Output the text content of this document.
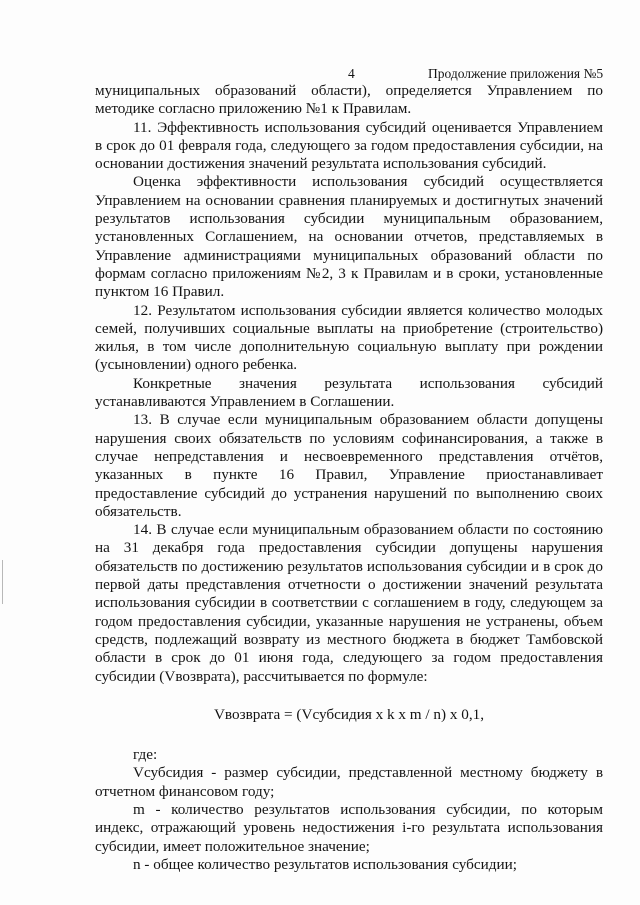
4	Продолжение приложения №5

муниципальных образований области), определяется Управлением по методике согласно приложению №1 к Правилам.

11. Эффективность использования субсидий оценивается Управлением в срок до 01 февраля года, следующего за годом предоставления субсидии, на основании достижения значений результата использования субсидий.

Оценка эффективности использования субсидий осуществляется Управлением на основании сравнения планируемых и достигнутых значений результатов использования субсидии муниципальным образованием, установленных Соглашением, на основании отчетов, представляемых в Управление администрациями муниципальных образований области по формам согласно приложениям №2, 3 к Правилам и в сроки, установленные пунктом 16 Правил.

12. Результатом использования субсидии является количество молодых семей, получивших социальные выплаты на приобретение (строительство) жилья, в том числе дополнительную социальную выплату при рождении (усыновлении) одного ребенка.

Конкретные значения результата использования субсидий устанавливаются Управлением в Соглашении.

13. В случае если муниципальным образованием области допущены нарушения своих обязательств по условиям софинансирования, а также в случае непредставления и несвоевременного представления отчётов, указанных в пункте 16 Правил, Управление приостанавливает предоставление субсидий до устранения нарушений по выполнению своих обязательств.

14. В случае если муниципальным образованием области по состоянию на 31 декабря года предоставления субсидии допущены нарушения обязательств по достижению результатов использования субсидии и в срок до первой даты представления отчетности о достижении значений результата использования субсидии в соответствии с соглашением в году, следующем за годом предоставления субсидии, указанные нарушения не устранены, объем средств, подлежащий возврату из местного бюджета в бюджет Тамбовской области в срок до 01 июня года, следующего за годом предоставления субсидии (Vвозврата), рассчитывается по формуле:

Vвозврата = (Vсубсидия x k x m / n) x 0,1,

где:

Vсубсидия - размер субсидии, представленной местному бюджету в отчетном финансовом году;

m - количество результатов использования субсидии, по которым индекс, отражающий уровень недостижения i-го результата использования субсидии, имеет положительное значение;

n - общее количество результатов использования субсидии;
